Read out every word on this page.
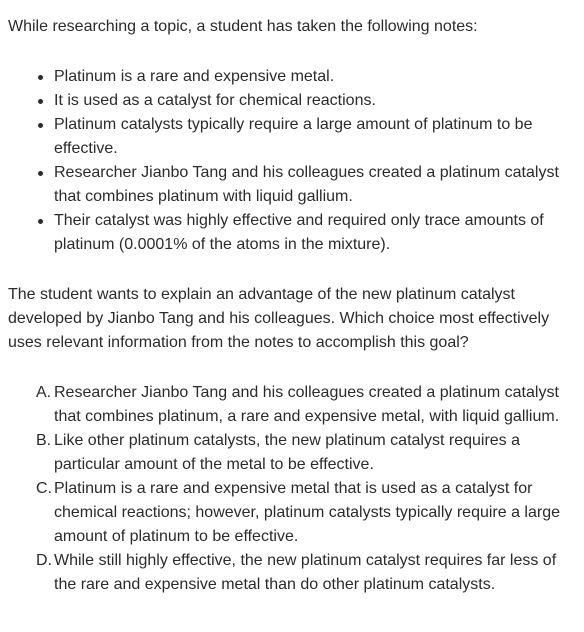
While researching a topic, a student has taken the following notes:

Platinum is a rare and expensive metal.
It is used as a catalyst for chemical reactions.
Platinum catalysts typically require a large amount of platinum to be effective.
Researcher Jianbo Tang and his colleagues created a platinum catalyst that combines platinum with liquid gallium.
Their catalyst was highly effective and required only trace amounts of platinum (0.0001% of the atoms in the mixture).

The student wants to explain an advantage of the new platinum catalyst developed by Jianbo Tang and his colleagues. Which choice most effectively uses relevant information from the notes to accomplish this goal?

A. Researcher Jianbo Tang and his colleagues created a platinum catalyst that combines platinum, a rare and expensive metal, with liquid gallium.
B. Like other platinum catalysts, the new platinum catalyst requires a particular amount of the metal to be effective.
C. Platinum is a rare and expensive metal that is used as a catalyst for chemical reactions; however, platinum catalysts typically require a large amount of platinum to be effective.
D. While still highly effective, the new platinum catalyst requires far less of the rare and expensive metal than do other platinum catalysts.
